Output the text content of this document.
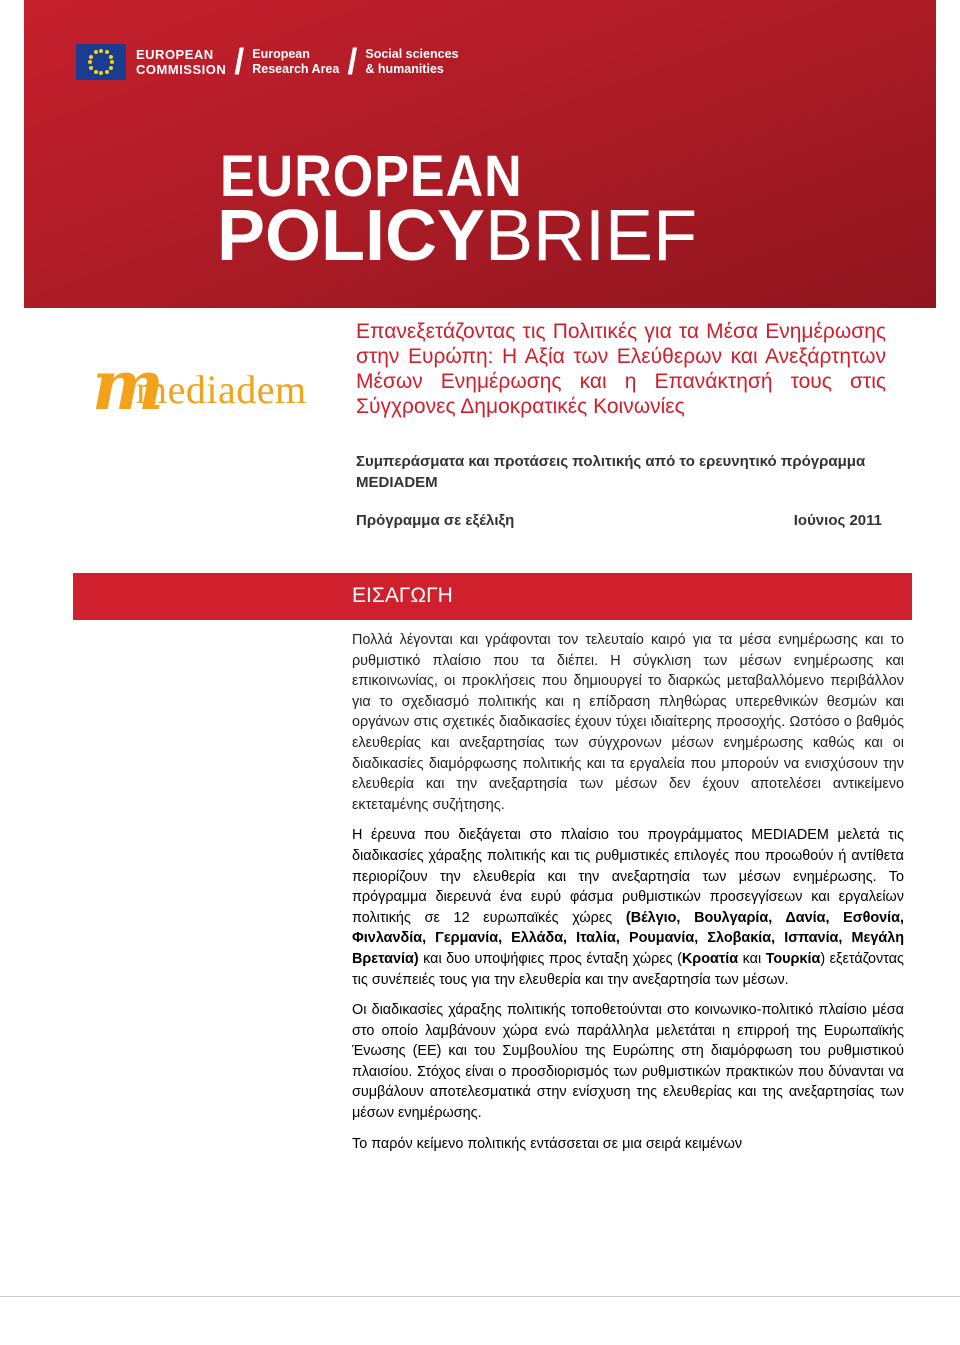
EUROPEAN
COMMISSION / European
Research Area / Social sciences
& humanities
EUROPEAN
POLICYBRIEF
m
mediadem
Επανεξετάζοντας τις Πολιτικές για τα Μέσα Ενημέρωσης στην Ευρώπη: Η Αξία των Ελεύθερων και Ανεξάρτητων Μέσων Ενημέρωσης και η Επανάκτησή τους στις Σύγχρονες Δημοκρατικές Κοινωνίες
Συμπεράσματα και προτάσεις πολιτικής από το ερευνητικό πρόγραμμα MEDIADEM
Πρόγραμμα σε εξέλιξη	Ιούνιος 2011
ΕΙΣΑΓΩΓΗ

Πολλά λέγονται και γράφονται τον τελευταίο καιρό για τα μέσα ενημέρωσης και το ρυθμιστικό πλαίσιο που τα διέπει. Η σύγκλιση των μέσων ενημέρωσης και επικοινωνίας, οι προκλήσεις που δημιουργεί το διαρκώς μεταβαλλόμενο περιβάλλον για το σχεδιασμό πολιτικής και η επίδραση πληθώρας υπερεθνικών θεσμών και οργάνων στις σχετικές διαδικασίες έχουν τύχει ιδιαίτερης προσοχής. Ωστόσο ο βαθμός ελευθερίας και ανεξαρτησίας των σύγχρονων μέσων ενημέρωσης καθώς και οι διαδικασίες διαμόρφωσης πολιτικής και τα εργαλεία που μπορούν να ενισχύσουν την ελευθερία και την ανεξαρτησία των μέσων δεν έχουν αποτελέσει αντικείμενο εκτεταμένης συζήτησης.

Η έρευνα που διεξάγεται στο πλαίσιο του προγράμματος MEDIADEM μελετά τις διαδικασίες χάραξης πολιτικής και τις ρυθμιστικές επιλογές που προωθούν ή αντίθετα περιορίζουν την ελευθερία και την ανεξαρτησία των μέσων ενημέρωσης. Το πρόγραμμα διερευνά ένα ευρύ φάσμα ρυθμιστικών προσεγγίσεων και εργαλείων πολιτικής σε 12 ευρωπαϊκές χώρες (Βέλγιο, Βουλγαρία, Δανία, Εσθονία, Φινλανδία, Γερμανία, Ελλάδα, Ιταλία, Ρουμανία, Σλοβακία, Ισπανία, Μεγάλη Βρετανία) και δυο υποψήφιες προς ένταξη χώρες (Κροατία και Τουρκία) εξετάζοντας τις συνέπειές τους για την ελευθερία και την ανεξαρτησία των μέσων.

Οι διαδικασίες χάραξης πολιτικής τοποθετούνται στο κοινωνικο-πολιτικό πλαίσιο μέσα στο οποίο λαμβάνουν χώρα ενώ παράλληλα μελετάται η επιρροή της Ευρωπαϊκής Ένωσης (ΕΕ) και του Συμβουλίου της Ευρώπης στη διαμόρφωση του ρυθμιστικού πλαισίου. Στόχος είναι ο προσδιορισμός των ρυθμιστικών πρακτικών που δύνανται να συμβάλουν αποτελεσματικά στην ενίσχυση της ελευθερίας και της ανεξαρτησίας των μέσων ενημέρωσης.

Το παρόν κείμενο πολιτικής εντάσσεται σε μια σειρά κειμένων
